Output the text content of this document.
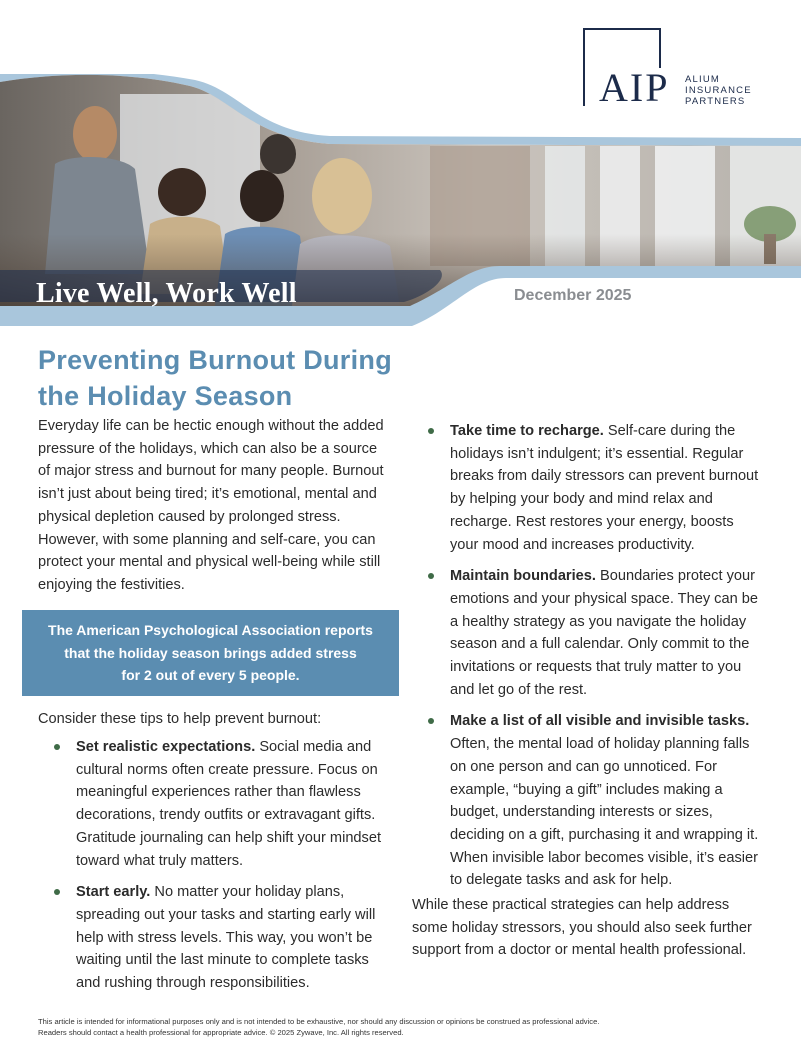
AIP	ALIUM
INSURANCE
PARTNERS
Live Well, Work Well	December 2025
Preventing Burnout During the Holiday Season

Everyday life can be hectic enough without the added pressure of the holidays, which can also be a source of major stress and burnout for many people. Burnout isn’t just about being tired; it’s emotional, mental and physical depletion caused by prolonged stress. However, with some planning and self-care, you can protect your mental and physical well-being while still enjoying the festivities.

The American Psychological Association reports
that the holiday season brings added stress
for 2 out of every 5 people.

Consider these tips to help prevent burnout:

Set realistic expectations. Social media and cultural norms often create pressure. Focus on meaningful experiences rather than flawless decorations, trendy outfits or extravagant gifts. Gratitude journaling can help shift your mindset toward what truly matters.
Start early. No matter your holiday plans, spreading out your tasks and starting early will help with stress levels. This way, you won’t be waiting until the last minute to complete tasks and rushing through responsibilities.
Take time to recharge. Self-care during the holidays isn’t indulgent; it’s essential. Regular breaks from daily stressors can prevent burnout by helping your body and mind relax and recharge. Rest restores your energy, boosts your mood and increases productivity.
Maintain boundaries. Boundaries protect your emotions and your physical space. They can be a healthy strategy as you navigate the holiday season and a full calendar. Only commit to the invitations or requests that truly matter to you and let go of the rest.
Make a list of all visible and invisible tasks. Often, the mental load of holiday planning falls on one person and can go unnoticed. For example, “buying a gift” includes making a budget, understanding interests or sizes, deciding on a gift, purchasing it and wrapping it. When invisible labor becomes visible, it’s easier to delegate tasks and ask for help.

While these practical strategies can help address some holiday stressors, you should also seek further support from a doctor or mental health professional.

This article is intended for informational purposes only and is not intended to be exhaustive, nor should any discussion or opinions be construed as professional advice.
Readers should contact a health professional for appropriate advice. © 2025 Zywave, Inc. All rights reserved.
